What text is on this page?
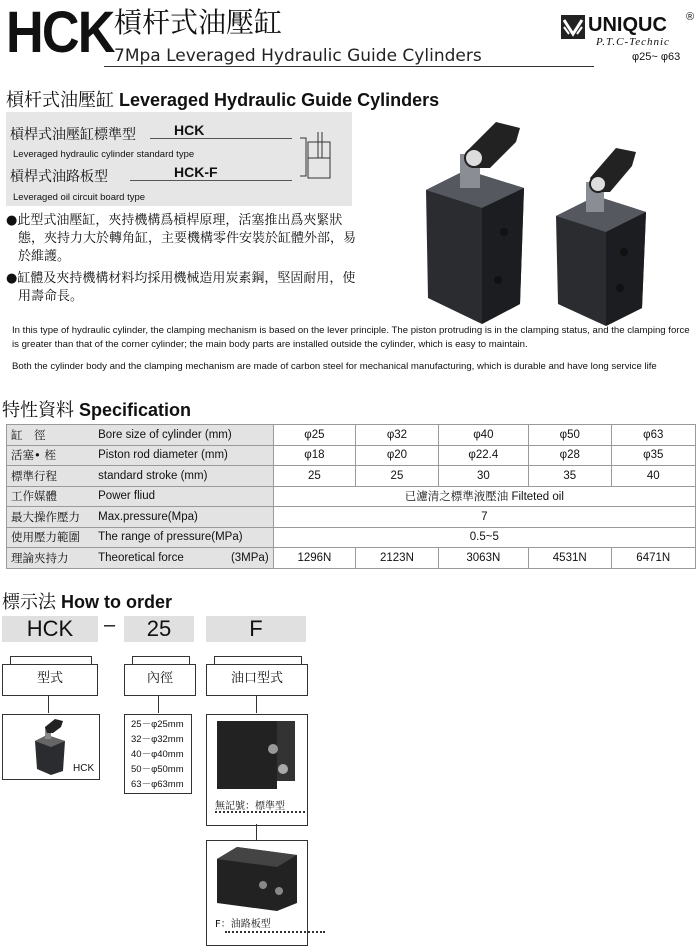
HCK 槓杆式油壓缸
7Mpa Leveraged Hydraulic Guide Cylinders
UNIQUC ®
P.T.C-Technic
φ25~ φ63
槓杆式油壓缸 Leveraged Hydraulic Guide Cylinders
槓桿式油壓缸標準型	HCK
Leveraged hydraulic cylinder standard type
槓桿式油路板型	HCK-F
Leveraged oil circuit board type

●此型式油壓缸，夾持機構爲槓桿原理，活塞推出爲夾緊狀態，夾持力大於轉角缸，主要機構零件安裝於缸體外部，易於維護。

●缸體及夾持機構材料均採用機械造用炭素鋼，堅固耐用，使用壽命長。

In this type of hydraulic cylinder, the clamping mechanism is based on the lever principle. The piston protruding is in the clamping status, and the clamping force is greater than that of the corner cylinder; the main body parts are installed outside the cylinder, which is easy to maintain.
Both the cylinder body and the clamping mechanism are made of carbon steel for mechanical manufacturing, which is durable and have long service life
特性資料 Specification
缸　徑	Bore size of cylinder (mm)	φ25	φ32	φ40	φ50	φ63
活塞• 桎	Piston rod diameter (mm)	φ18	φ20	φ22.4	φ28	φ35
標準行程	standard stroke (mm)	25	25	30	35	40
工作媒體	Power fliud	已濾清之標準液壓油 Filteted oil				
最大操作壓力	Max.pressure(Mpa)	7				
使用壓力範圍	The range of pressure(MPa)	0.5~5				
理論夾持力	Theoretical force (3MPa)	1296N	2123N	3063N	4531N	6471N
標示法 How to order
HCK	–	25	F
型式	內徑	油口型式
HCK
25－φ25mm
32－φ32mm
40－φ40mm
50－φ50mm
63－φ63mm
無記號：標準型
F：油路板型
